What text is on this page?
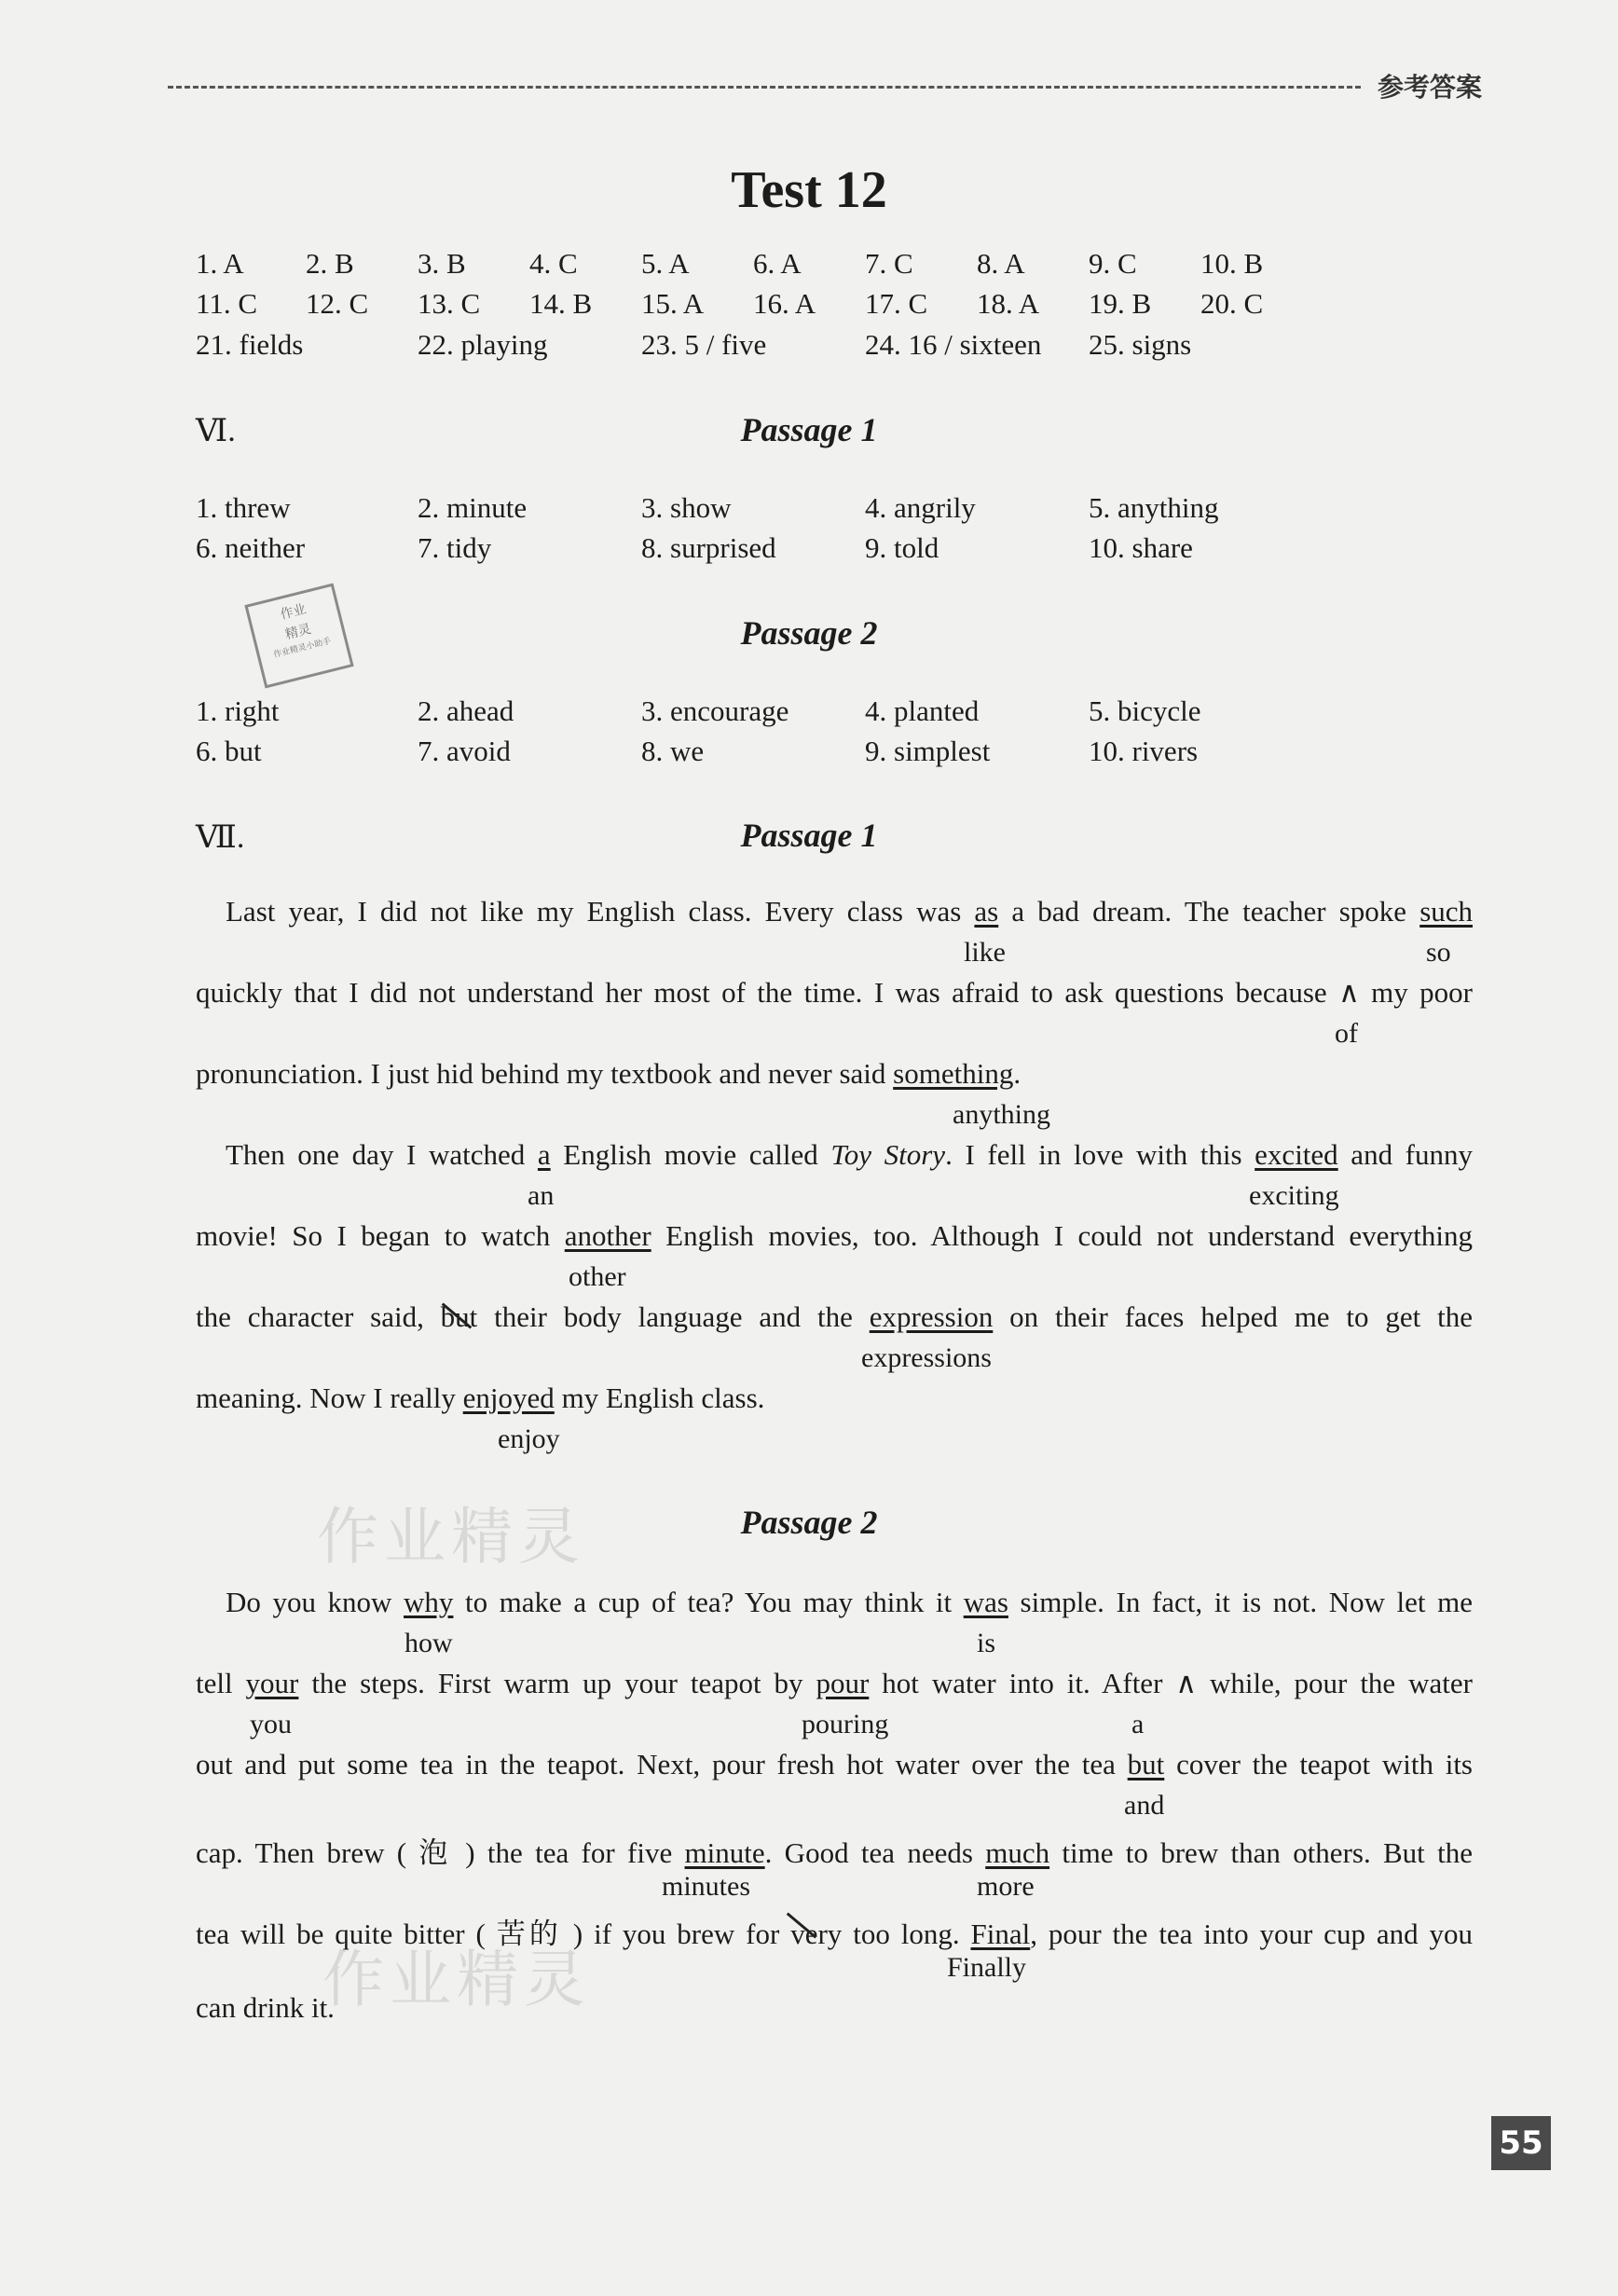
参考答案
Test 12
1. A 2. B 3. B 4. C 5. A 6. A 7. C 8. A 9. C 10. B
11. C 12. C 13. C 14. B 15. A 16. A 17. C 18. A 19. B 20. C
21. fields	22. playing	23. 5 / five	24. 16 / sixteen 25. signs
Ⅵ.	Passage 1
1. threw	2. minute	3. show	4. angrily	5. anything
6. neither	7. tidy	8. surprised	9. told	10. share
作业
精灵
作业精灵小助手	Passage 2
1. right	2. ahead	3. encourage	4. planted	5. bicycle
6. but	7. avoid	8. we	9. simplest	10. rivers
Ⅶ.	Passage 1
Last year, I did not like my English class. Every class was as a bad dream. The teacher spoke such
like	so
quickly that I did not understand her most of the time. I was afraid to ask questions because ∧ my poor
of
pronunciation. I just hid behind my textbook and never said something.
anything
Then one day I watched a English movie called Toy Story. I fell in love with this excited and funny
an	exciting
movie! So I began to watch another English movies, too. Although I could not understand everything
other
the character said, but their body language and the expression on their faces helped me to get the
expressions
meaning. Now I really enjoyed my English class.
enjoy
作业精灵	Passage 2
Do you know why to make a cup of tea? You may think it was simple. In fact, it is not. Now let me
how	is
tell your the steps. First warm up your teapot by pour hot water into it. After ∧ while, pour the water
you	pouring	a
out and put some tea in the teapot. Next, pour fresh hot water over the tea but cover the teapot with its
and
cap. Then brew ( 泡 ) the tea for five minute. Good tea needs much time to brew than others. But the
minutes	more
tea will be quite bitter ( 苦的 ) if you brew for very too long. Final, pour the tea into your cup and you
Finally
作业精灵
can drink it.
55
